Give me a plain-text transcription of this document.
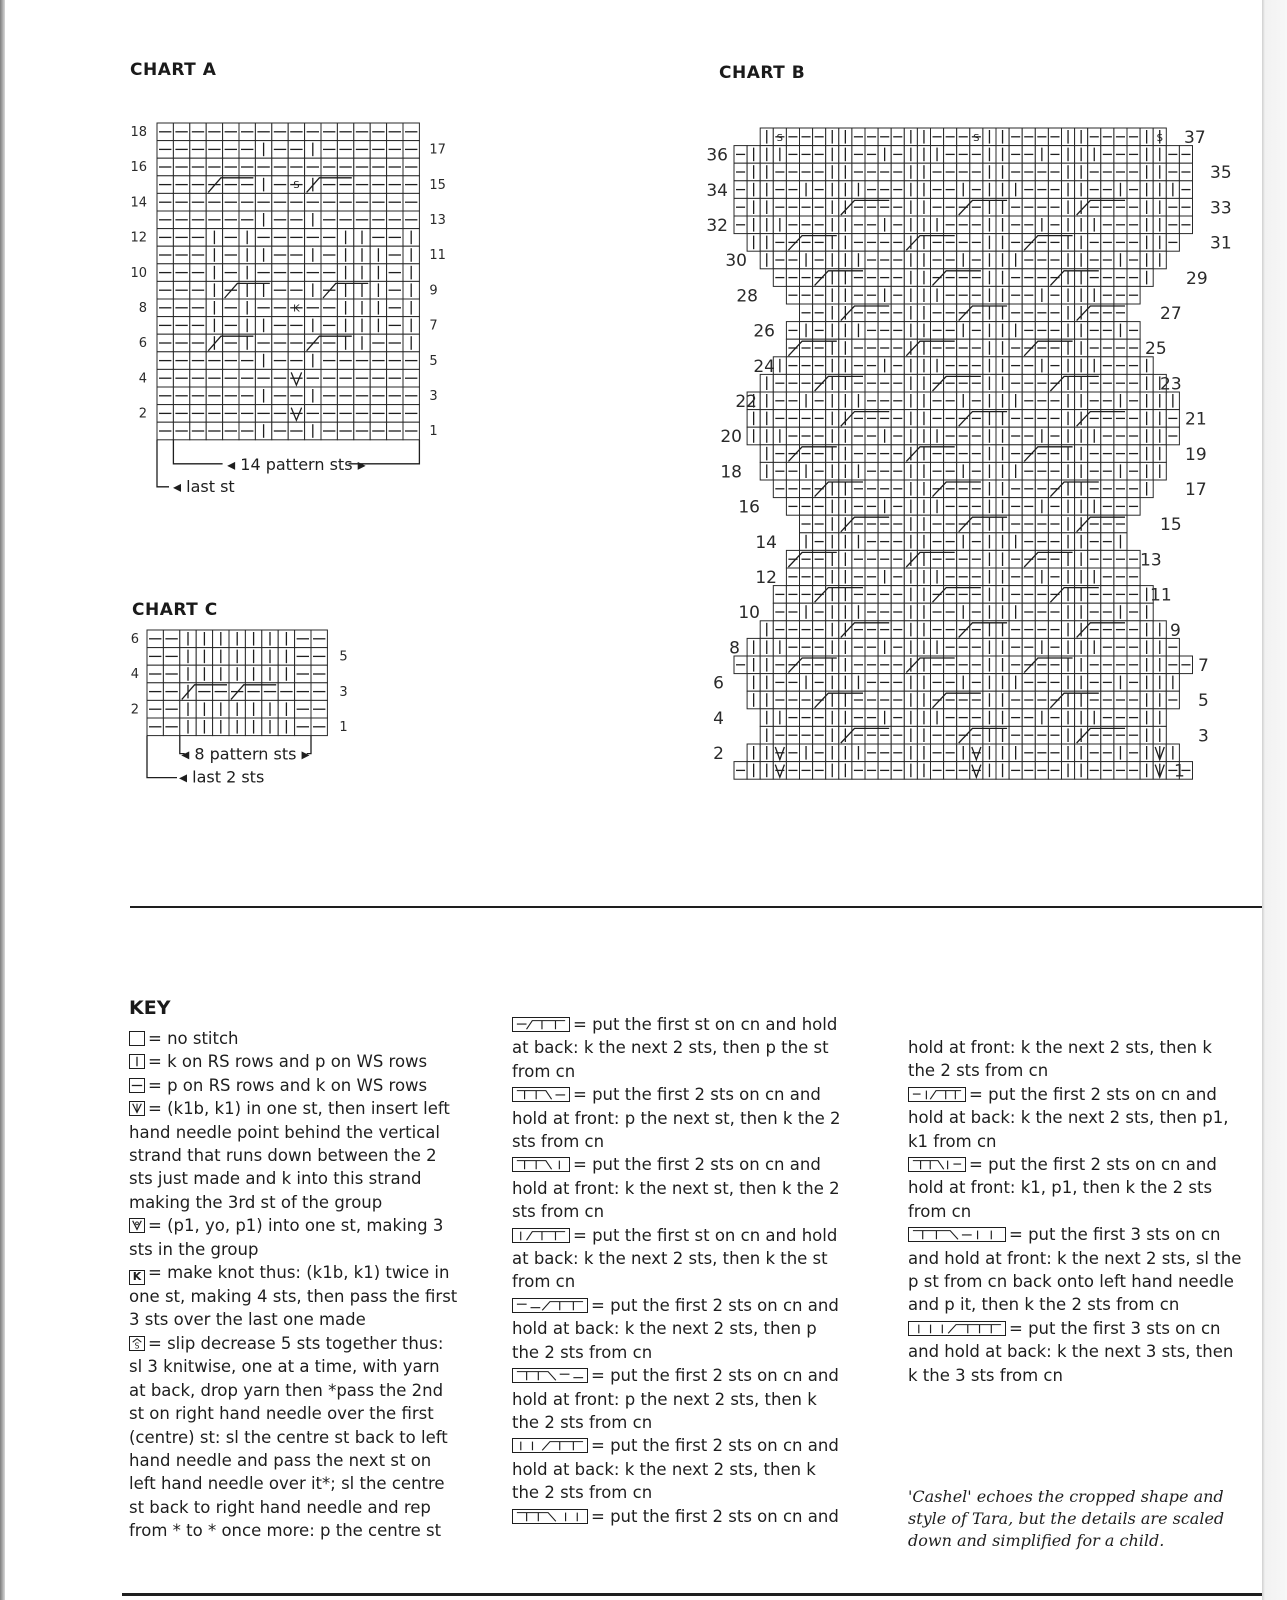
CHART A	CHART B
CHART C
K
S
18
16
14
12
10
8
6
4
2
17
15
13
11
9
7
5
3
1
◂ 14 pattern sts ▸
◂ last st
S	S	S
36
34
32
30
28
26
24
22
20
18
16
14
12
10
8
6
4
2
37
35
33
31
29
27
25
23
21
19
17
15
13
11
9
7
5
3
1
6
4
2
5
3
1
◂ 8 pattern sts ▸
◂ last 2 sts
KEY

= no stitch

= k on RS rows and p on WS rows

= p on RS rows and k on WS rows

= (k1b, k1) in one st, then insert left hand needle point behind the vertical strand that runs down between the 2 sts just made and k into this strand making the 3rd st of the group

= (p1, yo, p1) into one st, making 3 sts in the group

K = make knot thus: (k1b, k1) twice in one st, making 4 sts, then pass the first 3 sts over the last one made

S = slip decrease 5 sts together thus: sl 3 knitwise, one at a time, with yarn at back, drop yarn then *pass the 2nd st on right hand needle over the first (centre) st: sl the centre st back to left hand needle and pass the next st on left hand needle over it*; sl the centre st back to right hand needle and rep from * to * once more: p the centre st

= put the first st on cn and hold at back: k the next 2 sts, then p the st from cn

= put the first 2 sts on cn and hold at front: p the next st, then k the 2 sts from cn

= put the first 2 sts on cn and hold at front: k the next st, then k the 2 sts from cn

= put the first st on cn and hold at back: k the next 2 sts, then k the st from cn

= put the first 2 sts on cn and hold at back: k the next 2 sts, then p the 2 sts from cn

= put the first 2 sts on cn and hold at front: p the next 2 sts, then k the 2 sts from cn

= put the first 2 sts on cn and hold at back: k the next 2 sts, then k the 2 sts from cn

= put the first 2 sts on cn and

hold at front: k the next 2 sts, then k the 2 sts from cn

= put the first 2 sts on cn and hold at back: k the next 2 sts, then p1, k1 from cn

= put the first 2 sts on cn and hold at front: k1, p1, then k the 2 sts from cn

= put the first 3 sts on cn and hold at front: k the next 2 sts, sl the p st from cn back onto left hand needle and p it, then k the 2 sts from cn

= put the first 3 sts on cn and hold at back: k the next 3 sts, then k the 3 sts from cn

'Cashel' echoes the cropped shape and style of Tara, but the details are scaled down and simplified for a child.
